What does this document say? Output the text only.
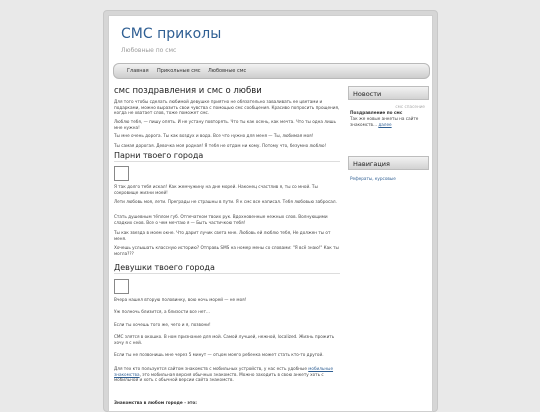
СМС приколы
Любовные по смс
Главная Прикольные смс Любовные смс
смс поздравления и смс о любви

Для того чтобы сделать любимой девушке приятно не обязательно заваливать ее цветами и подарками, можно выразить свои чувства с помощью смс сообщения. Красиво попросить прощения, когда не хватает слов, тоже поможет смс.

Люблю тебя, — пишу опять. И не устану повторять. Что ты как осень, как мечта. Что ты одна лишь мне нужна!

Ты мне очень дорога. Ты как воздух и вода. Все что нужно для меня — Ты, любимая моя!

Ты самая дорогая. Девочка моя родная! Я тебя не отдам ни кому. Потому что, безумно люблю!

Парни твоего города

Я так долго тебя искал! Как жемчужину на дне морей. Наконец счастлив я, ты со мной. Ты сокровище жизни моей!

Лети любовь моя, лети. Преграды не страшны в пути. Я к смс все написал. Тебя любовью забросал.

Стать душевным тёплом губ. Отпечатком твоих рук. Вдохновенные нежных слов. Волнующими сладких снов. Все о чем мечтаю я — Быть частичкою тебя!

Ты как звезда в моем окне. Что дарит лучик света мне. Любовь ей люблю тебя, Не должен ты от меня.

Хочешь услышать классную историю? Отправь SMS на номер мены со словами: "Я всё знаю!" Как ты могла???

Девушки твоего города

Вчера нашел вторую половинку, вою ночь морей — не моя!

Уж полночь близится, а близости все нет...

Если ты хочешь того же, чего и я, позвони!

СМС злятся в окошко. В ном признание для мой. Самой лучшей, нежной, localized. Жизнь прожить хочу я с ней.

Если ты не позвонишь мне через 5 минут — отцом моего ребенка может стать кто-то другой.

Для тех кто пользуется сайтом знакомств с мобильных устройств, у нас есть удобные мобильные знакомства, это мобильная версия обычных знакомств. Можно заходить в свою анкету хоть с мобильной и хоть с обычной версии сайта знакомств.

Знакомства в любом городе - это:

Новости
смс спасение
Поздравление по смс
Так же новые анкеты на сайте знакомств... далее
Навигация
Рефераты, курсовые
